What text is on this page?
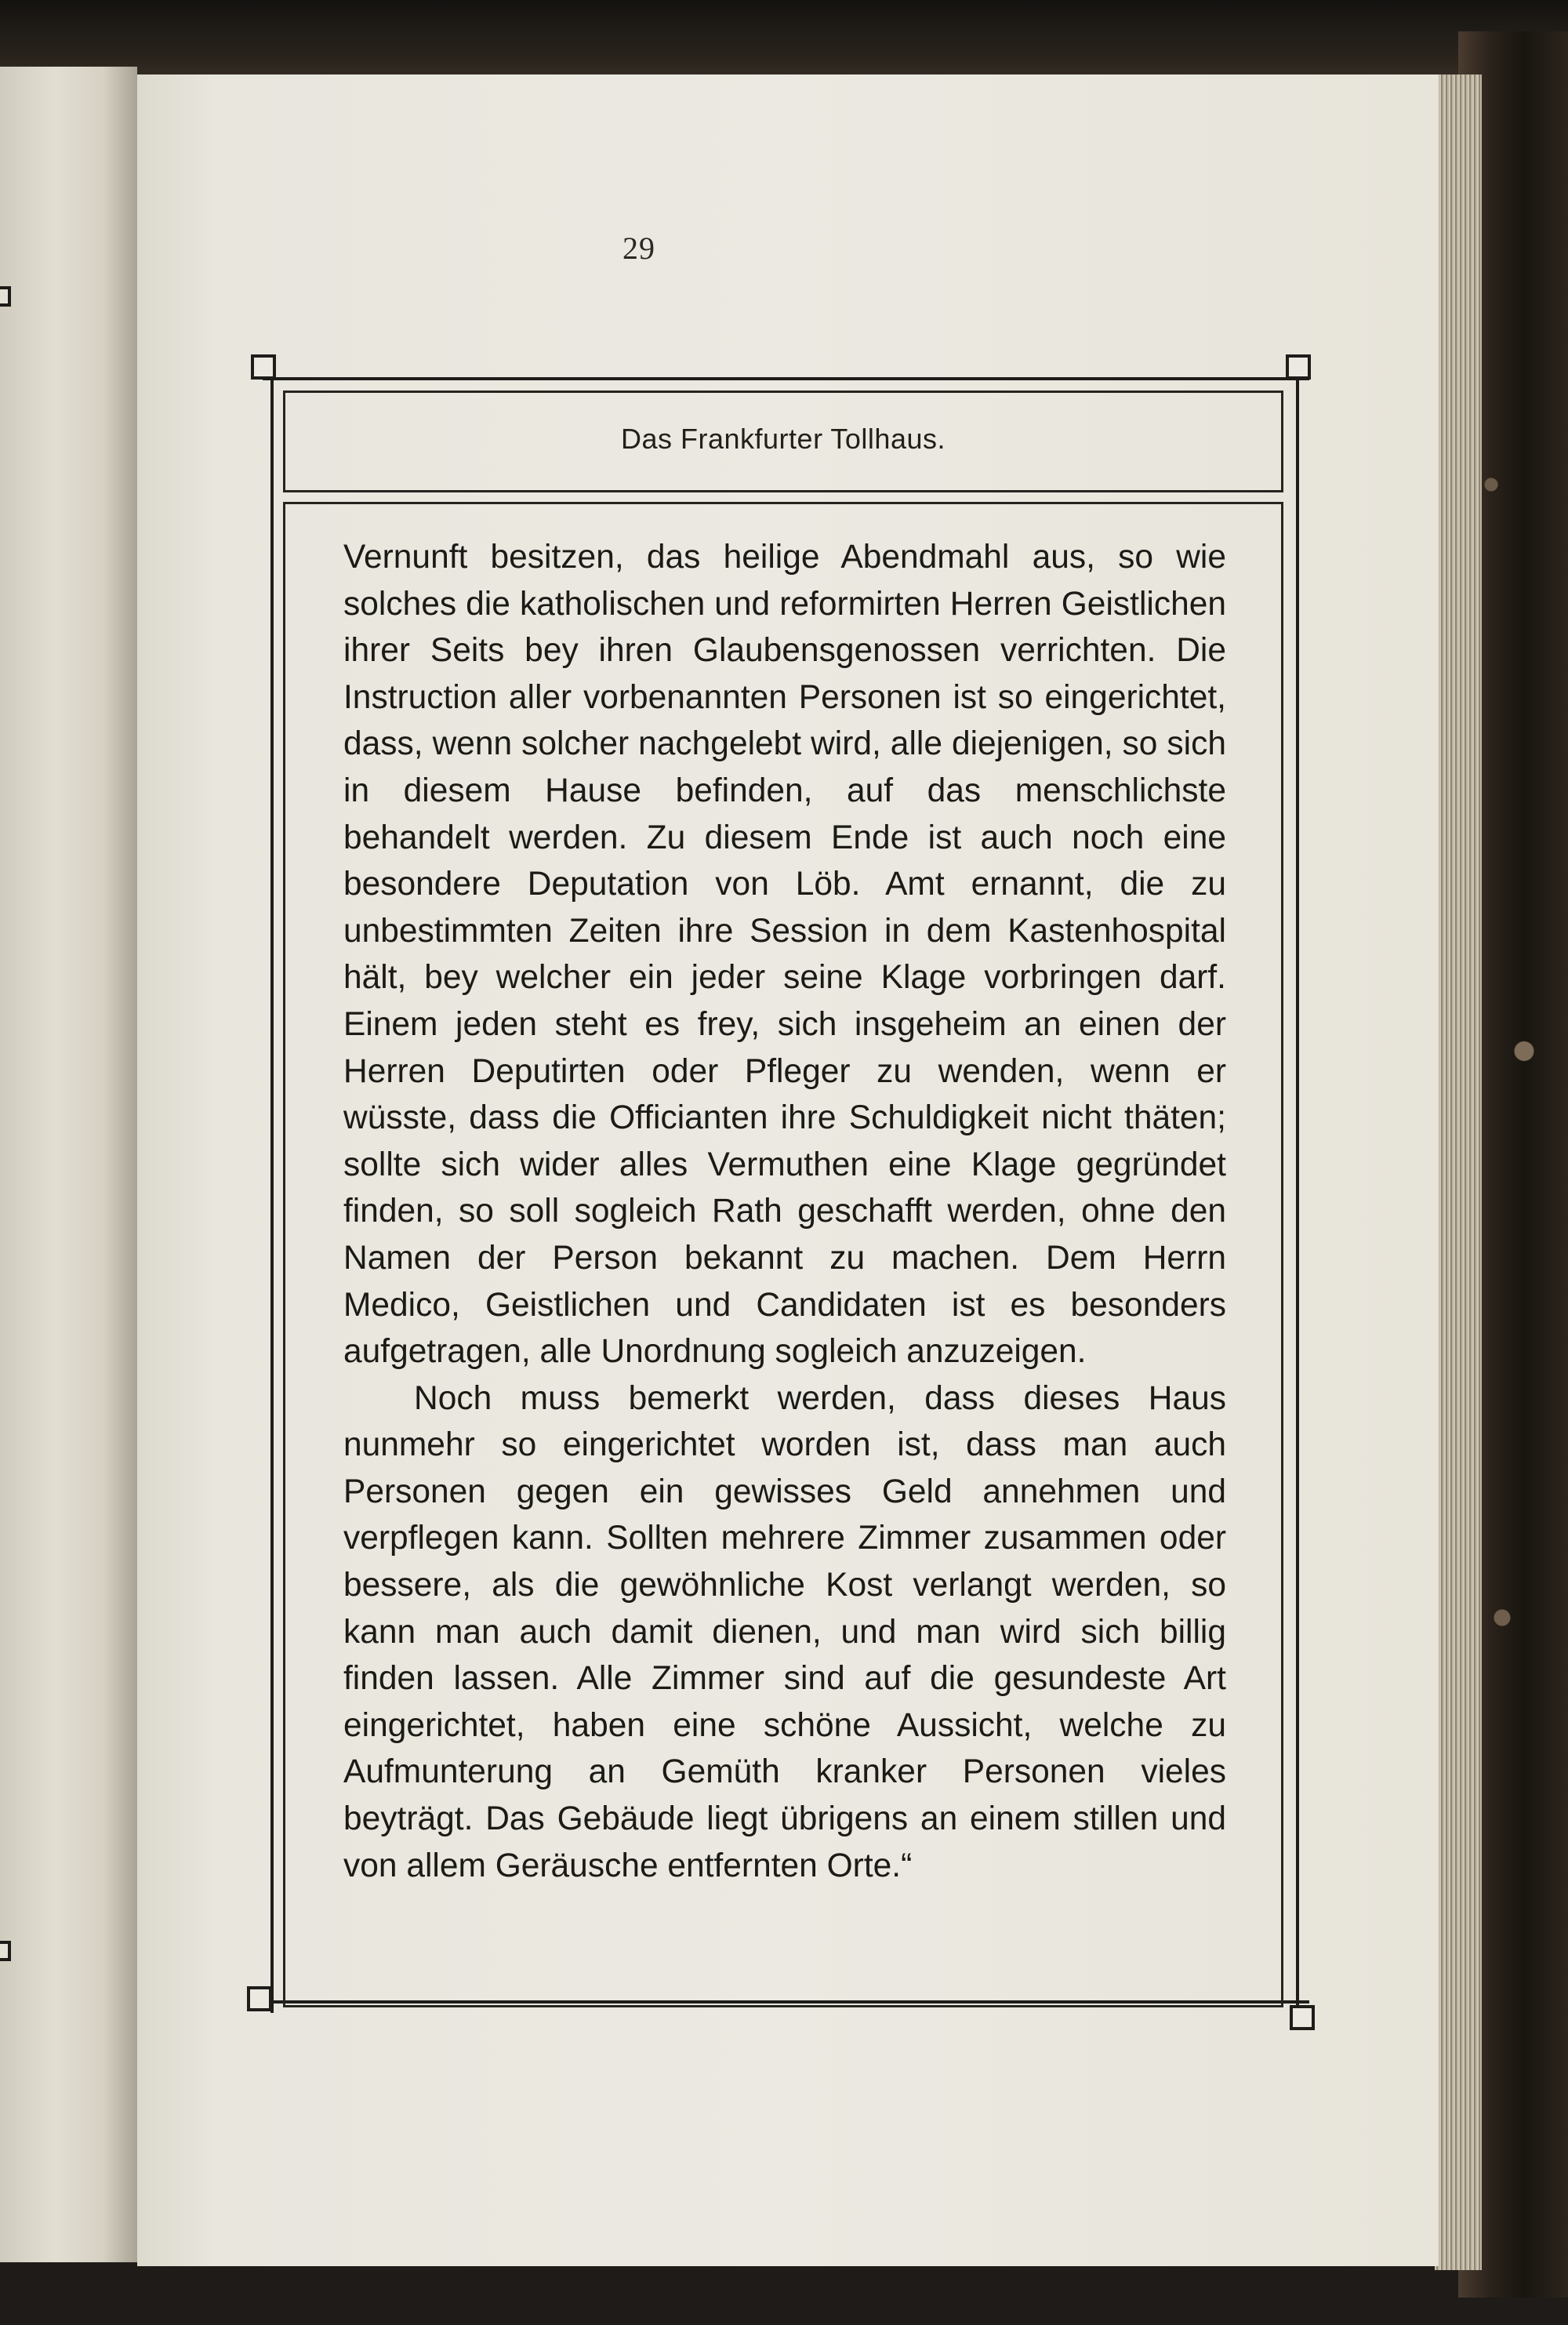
29
Das Frankfurter Tollhaus.

Vernunft besitzen, das heilige Abendmahl aus, so wie solches die katholischen und reformirten Herren Geistlichen ihrer Seits bey ihren Glaubensgenossen verrichten. Die Instruction aller vorbenannten Personen ist so eingerichtet, dass, wenn solcher nachgelebt wird, alle diejenigen, so sich in diesem Hause befinden, auf das menschlichste behandelt werden. Zu diesem Ende ist auch noch eine besondere Deputation von Löb. Amt ernannt, die zu unbestimmten Zeiten ihre Session in dem Kastenhospital hält, bey welcher ein jeder seine Klage vorbringen darf. Einem jeden steht es frey, sich insgeheim an einen der Herren Deputirten oder Pfleger zu wenden, wenn er wüsste, dass die Officianten ihre Schuldigkeit nicht thäten; sollte sich wider alles Vermuthen eine Klage gegründet finden, so soll sogleich Rath geschafft werden, ohne den Namen der Person bekannt zu machen. Dem Herrn Medico, Geistlichen und Candidaten ist es besonders aufgetragen, alle Unordnung sogleich anzuzeigen.

Noch muss bemerkt werden, dass dieses Haus nunmehr so eingerichtet worden ist, dass man auch Personen gegen ein gewisses Geld annehmen und verpflegen kann. Sollten mehrere Zimmer zusammen oder bessere, als die gewöhnliche Kost verlangt werden, so kann man auch damit dienen, und man wird sich billig finden lassen. Alle Zimmer sind auf die gesundeste Art eingerichtet, haben eine schöne Aussicht, welche zu Aufmunterung an Gemüth kranker Personen vieles beyträgt. Das Gebäude liegt übrigens an einem stillen und von allem Geräusche entfernten Orte.“
